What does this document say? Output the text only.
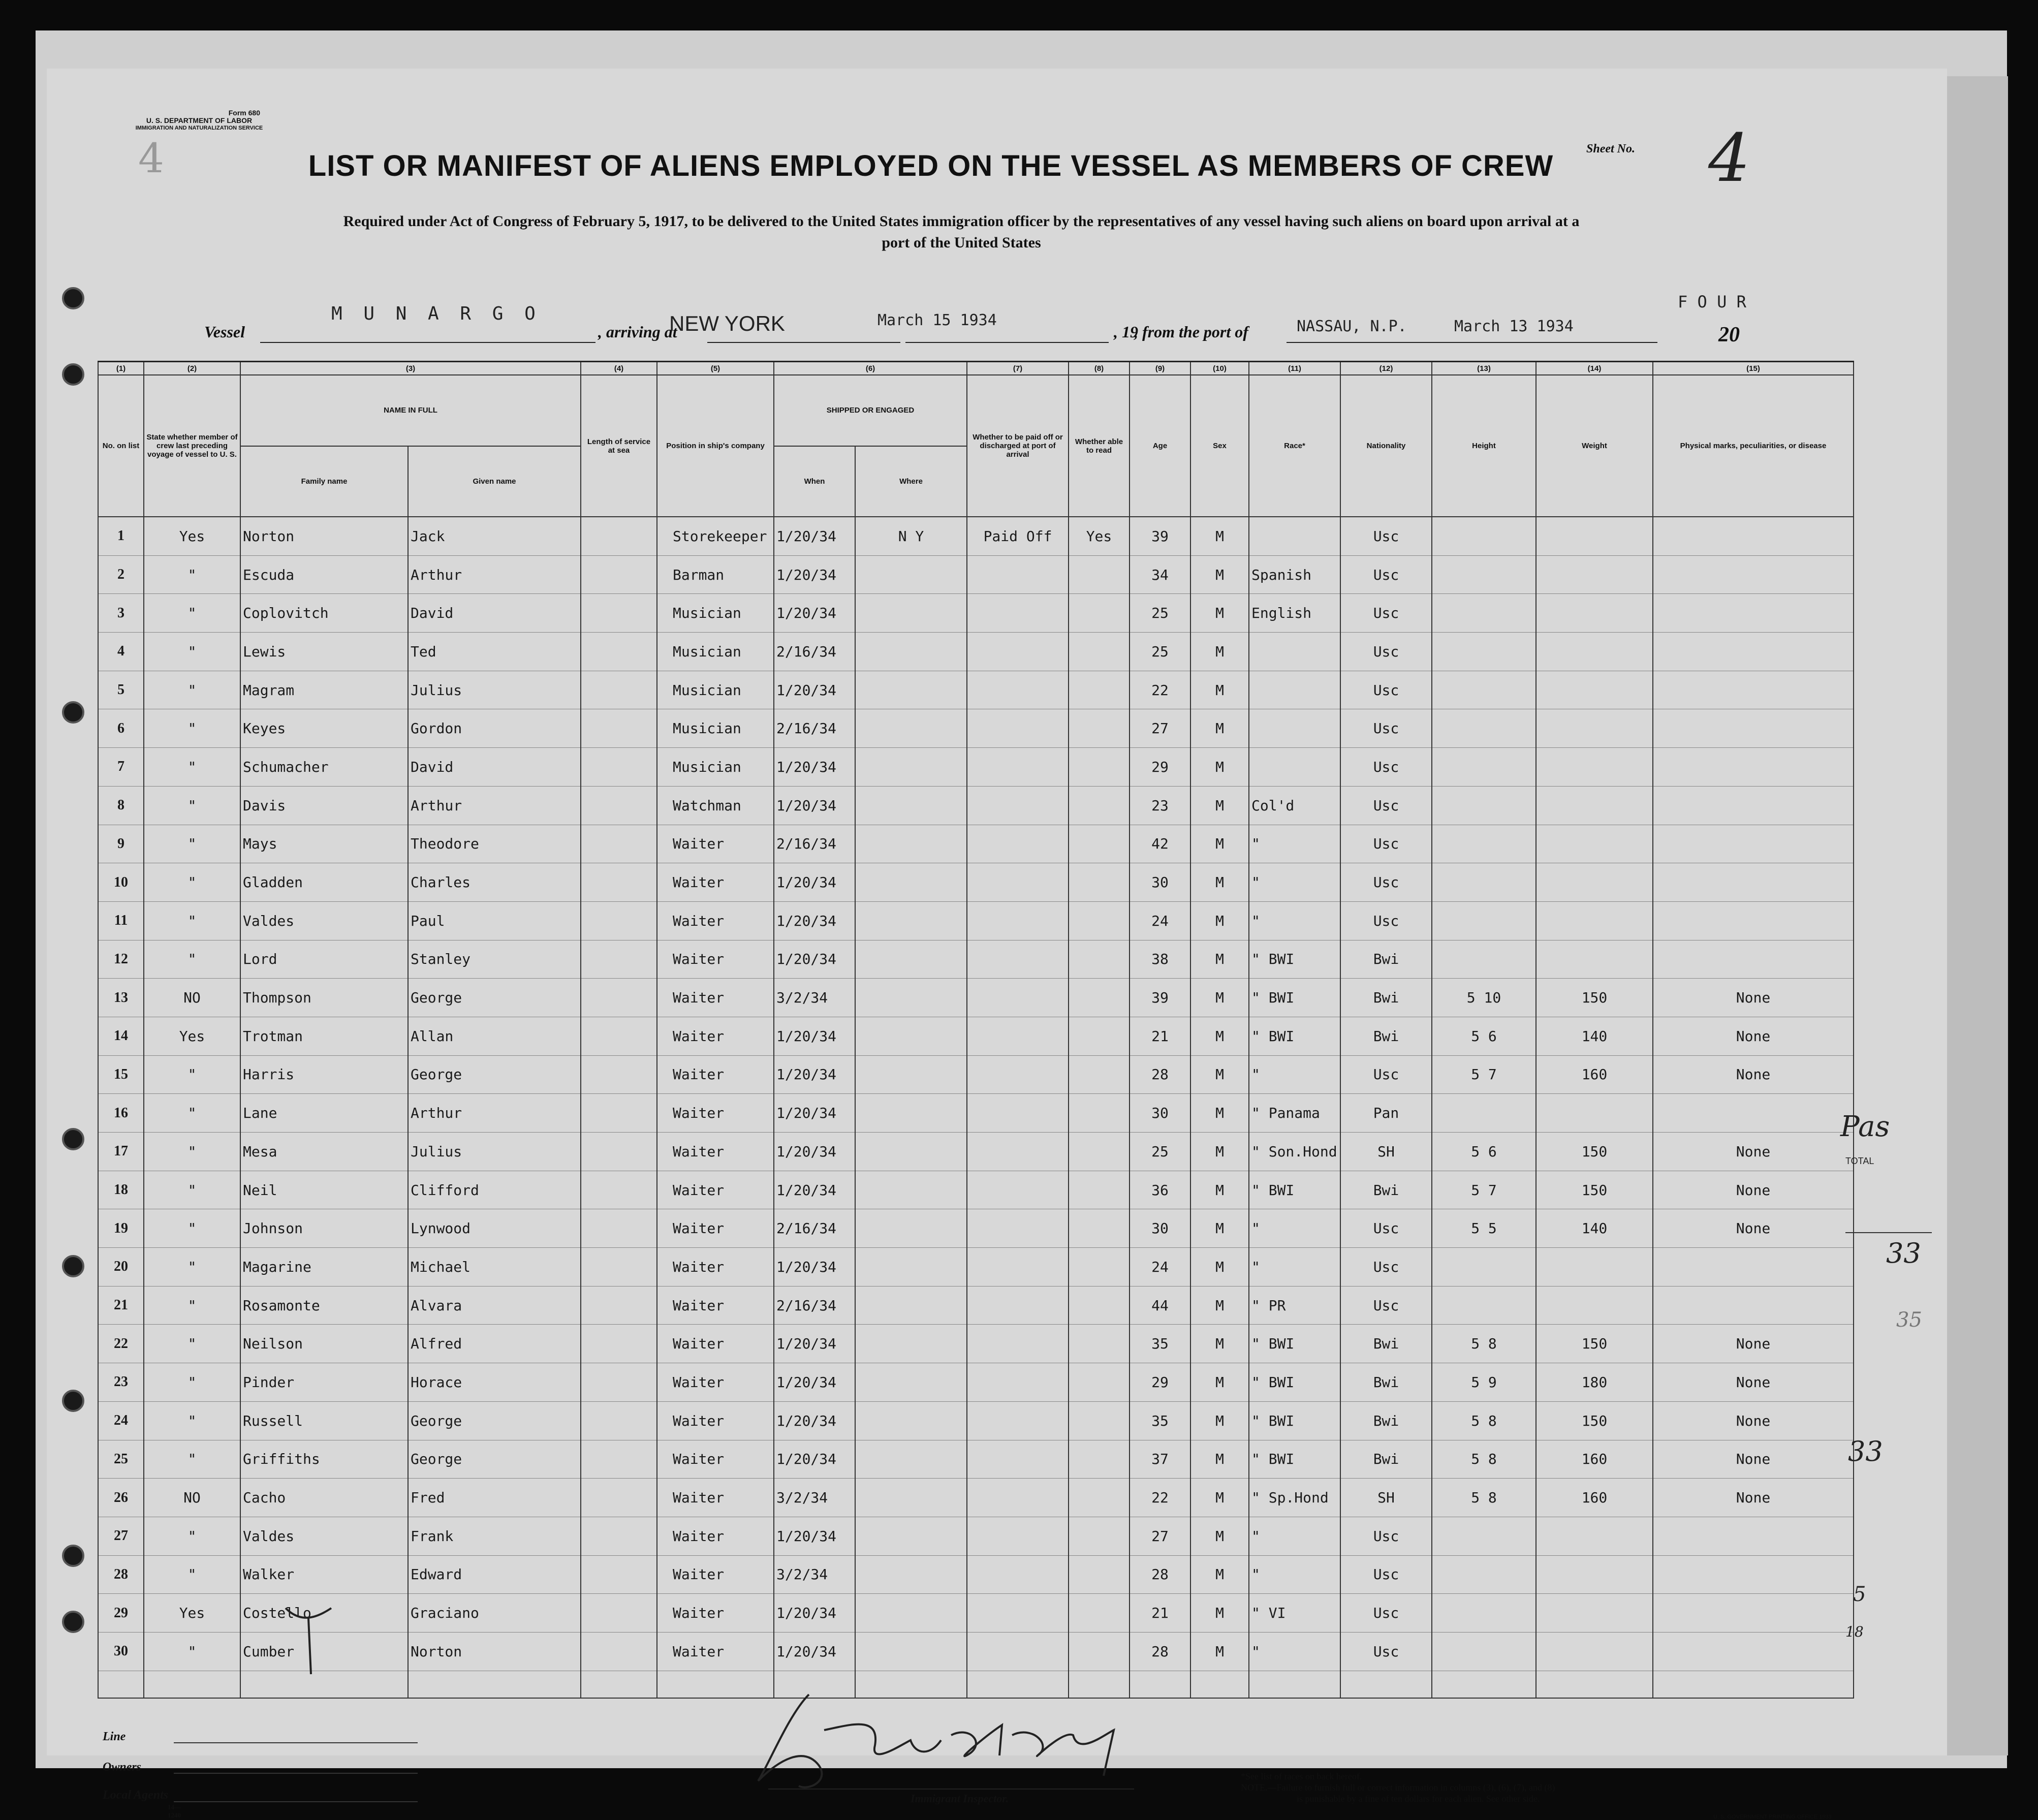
4
Form 680
U. S. DEPARTMENT OF LABOR
IMMIGRATION AND NATURALIZATION SERVICE
LIST OR MANIFEST OF ALIENS EMPLOYED ON THE VESSEL AS MEMBERS OF CREW
Sheet No. 4
Required under Act of Congress of February 5, 1917, to be delivered to the United States immigration officer by the representatives of any vessel having such aliens on board upon arrival at a
port of the United States
Vessel
M U N A R G O
, arriving at
NEW YORK	March 15 1934
, 19
, from the port of	NASSAU, N.P.	March 13 1934
F O U R
20
(1)	(2)	(3)		(4)	(5)	(6)		(7)	(8)	(9)	(10)	(11)	(12)	(13)	(14)	(15)	
No. on list	State whether member of crew last preceding voyage of vessel to U. S.	NAME IN FULL		Length of service at sea	Position in ship's company	SHIPPED OR ENGAGED		Whether to be paid off or discharged at port of arrival	Whether able to read	Age	Sex	Race*	Nationality	Height	Weight	Physical marks, peculiarities, or disease	

		Family name	Given name			When	Where										
1	Yes	Norton	Jack		Storekeeper	1/20/34	N Y	Paid Off	Yes	39	M		Usc				
2	"	Escuda	Arthur		Barman	1/20/34				34	M	Spanish	Usc				
3	"	Coplovitch	David		Musician	1/20/34				25	M	English	Usc				
4	"	Lewis	Ted		Musician	2/16/34				25	M		Usc				
5	"	Magram	Julius		Musician	1/20/34				22	M		Usc				
6	"	Keyes	Gordon		Musician	2/16/34				27	M		Usc				
7	"	Schumacher	David		Musician	1/20/34				29	M		Usc				
8	"	Davis	Arthur		Watchman	1/20/34				23	M	Col'd	Usc				
9	"	Mays	Theodore		Waiter	2/16/34				42	M	"	Usc				
10	"	Gladden	Charles		Waiter	1/20/34				30	M	"	Usc				
11	"	Valdes	Paul		Waiter	1/20/34				24	M	"	Usc				
12	"	Lord	Stanley		Waiter	1/20/34				38	M	" BWI	Bwi				
13	NO	Thompson	George		Waiter	3/2/34				39	M	" BWI	Bwi	5 10	150	None	
14	Yes	Trotman	Allan		Waiter	1/20/34				21	M	" BWI	Bwi	5 6	140	None	
15	"	Harris	George		Waiter	1/20/34				28	M	"	Usc	5 7	160	None	
16	"	Lane	Arthur		Waiter	1/20/34				30	M	" Panama	Pan				
17	"	Mesa	Julius		Waiter	1/20/34				25	M	" Son.Hond	SH	5 6	150	None	
18	"	Neil	Clifford		Waiter	1/20/34				36	M	" BWI	Bwi	5 7	150	None	
19	"	Johnson	Lynwood		Waiter	2/16/34				30	M	"	Usc	5 5	140	None	
20	"	Magarine	Michael		Waiter	1/20/34				24	M	"	Usc				
21	"	Rosamonte	Alvara		Waiter	2/16/34				44	M	" PR	Usc				
22	"	Neilson	Alfred		Waiter	1/20/34				35	M	" BWI	Bwi	5 8	150	None	
23	"	Pinder	Horace		Waiter	1/20/34				29	M	" BWI	Bwi	5 9	180	None	
24	"	Russell	George		Waiter	1/20/34				35	M	" BWI	Bwi	5 8	150	None	
25	"	Griffiths	George		Waiter	1/20/34				37	M	" BWI	Bwi	5 8	160	None	
26	NO	Cacho	Fred		Waiter	3/2/34				22	M	" Sp.Hond	SH	5 8	160	None	
27	"	Valdes	Frank		Waiter	1/20/34				27	M	"	Usc				
28	"	Walker	Edward		Waiter	3/2/34				28	M	"	Usc				
29	Yes	Costello	Graciano		Waiter	1/20/34				21	M	" VI	Usc				
30	"	Cumber	Norton		Waiter	1/20/34				28	M	"	Usc				

Line
Owners
Local Agents
14—1240
Immigrant Inspector.
*See list of races on back hereof.
NOTE.—Failure to furnish full or correct information in columns (3), (6), (7), and (8)
is punishable by a fine of ten dollars for each alien. See other side.
U. S. GOVERNMENT PRINTING OFFICE 1933
Pas
TOTAL
33
35
33
5
18
